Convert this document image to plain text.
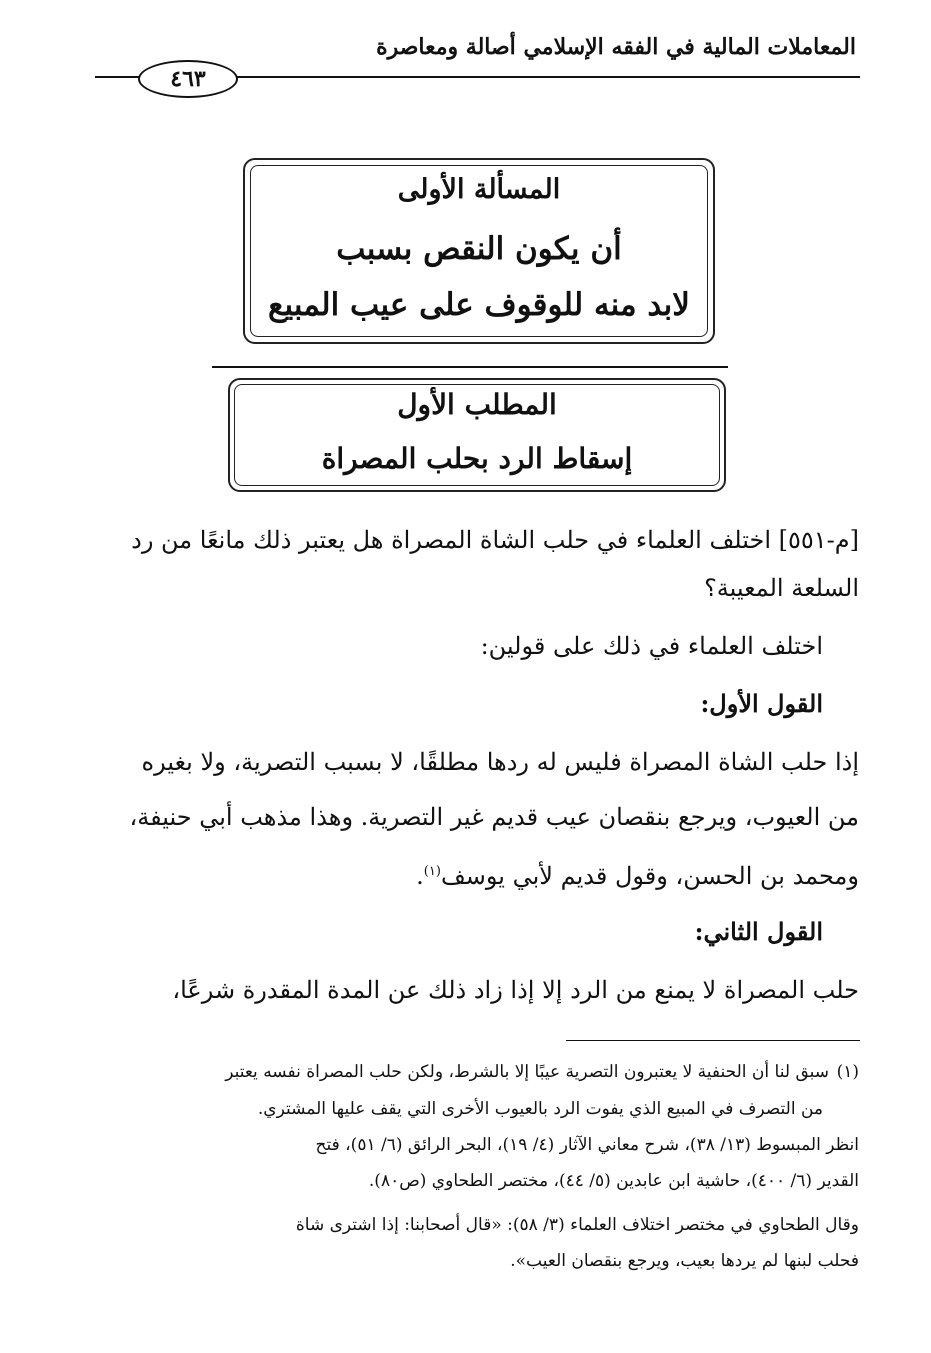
المعاملات المالية في الفقه الإسلامي أصالة ومعاصرة
٤٦٣
المسألة الأولى
أن يكون النقص بسبب
لابد منه للوقوف على عيب المبيع
المطلب الأول
إسقاط الرد بحلب المصراة
[م-٥٥١] اختلف العلماء في حلب الشاة المصراة هل يعتبر ذلك مانعًا من رد
السلعة المعيبة؟
اختلف العلماء في ذلك على قولين:
القول الأول:
إذا حلب الشاة المصراة فليس له ردها مطلقًا، لا بسبب التصرية، ولا بغيره
من العيوب، ويرجع بنقصان عيب قديم غير التصرية. وهذا مذهب أبي حنيفة،
ومحمد بن الحسن، وقول قديم لأبي يوسف$^{(١)}$.
القول الثاني:
حلب المصراة لا يمنع من الرد إلا إذا زاد ذلك عن المدة المقدرة شرعًا،
(١)سبق لنا أن الحنفية لا يعتبرون التصرية عيبًا إلا بالشرط، ولكن حلب المصراة نفسه يعتبر
من التصرف في المبيع الذي يفوت الرد بالعيوب الأخرى التي يقف عليها المشتري.
انظر المبسوط (١٣/ ٣٨)، شرح معاني الآثار (٤/ ١٩)، البحر الرائق (٦/ ٥١)، فتح
القدير (٦/ ٤٠٠)، حاشية ابن عابدين (٥/ ٤٤)، مختصر الطحاوي (ص٨٠).
وقال الطحاوي في مختصر اختلاف العلماء (٣/ ٥٨): «قال أصحابنا: إذا اشترى شاة
فحلب لبنها لم يردها بعيب، ويرجع بنقصان العيب».
